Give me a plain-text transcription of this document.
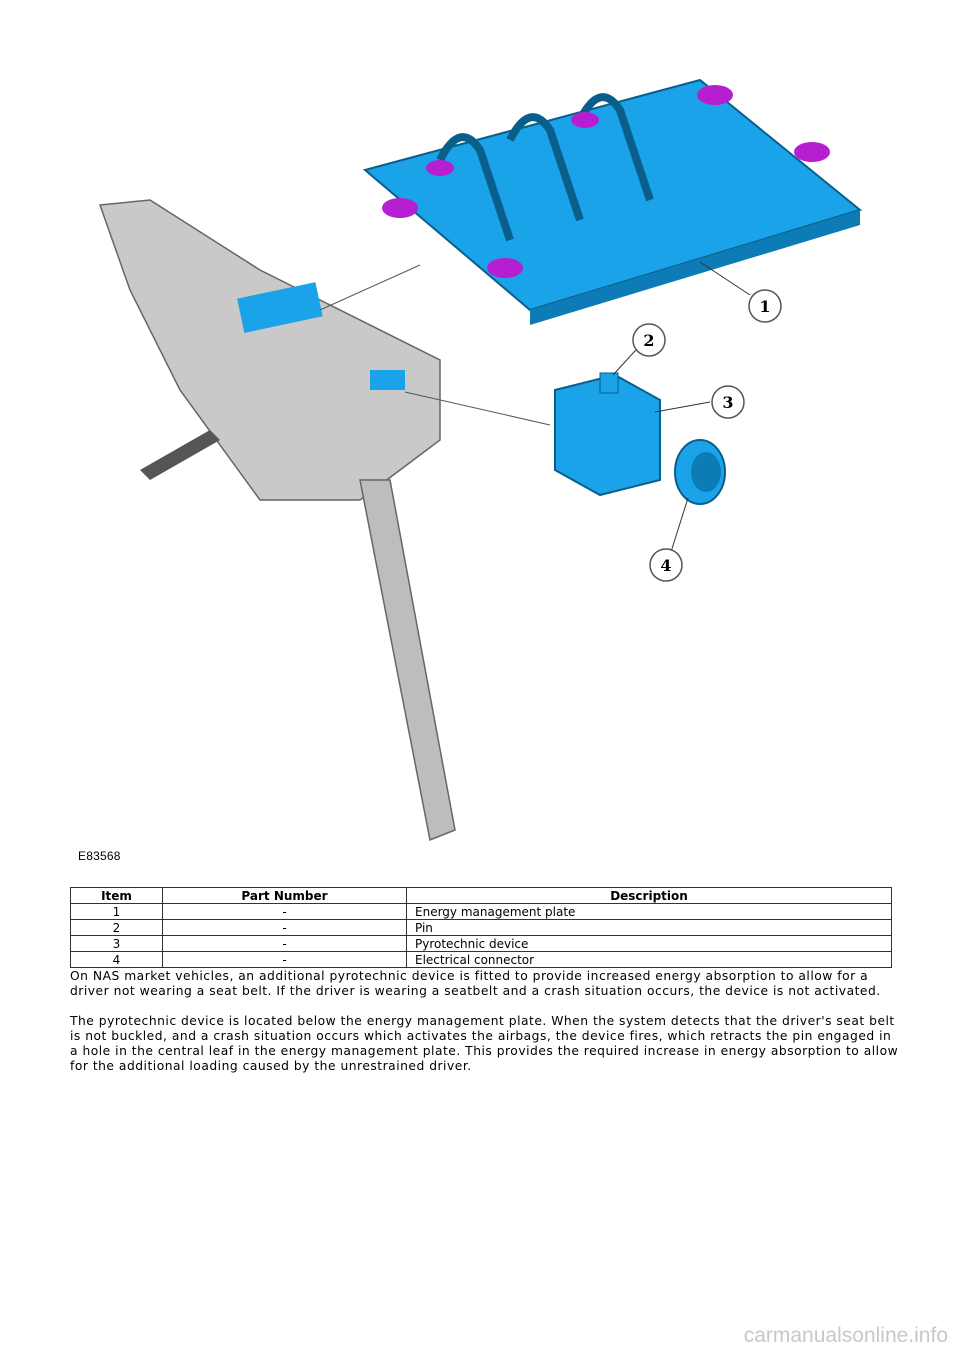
1
2
3
4
E83568
Item	Part Number	Description
1	-	Energy management plate
2	-	Pin
3	-	Pyrotechnic device
4	-	Electrical connector

On NAS market vehicles, an additional pyrotechnic device is fitted to provide increased energy absorption to allow for a driver not wearing a seat belt. If the driver is wearing a seatbelt and a crash situation occurs, the device is not activated.

The pyrotechnic device is located below the energy management plate. When the system detects that the driver's seat belt is not buckled, and a crash situation occurs which activates the airbags, the device fires, which retracts the pin engaged in a hole in the central leaf in the energy management plate. This provides the required increase in energy absorption to allow for the additional loading caused by the unrestrained driver.

carmanualsonline.info
